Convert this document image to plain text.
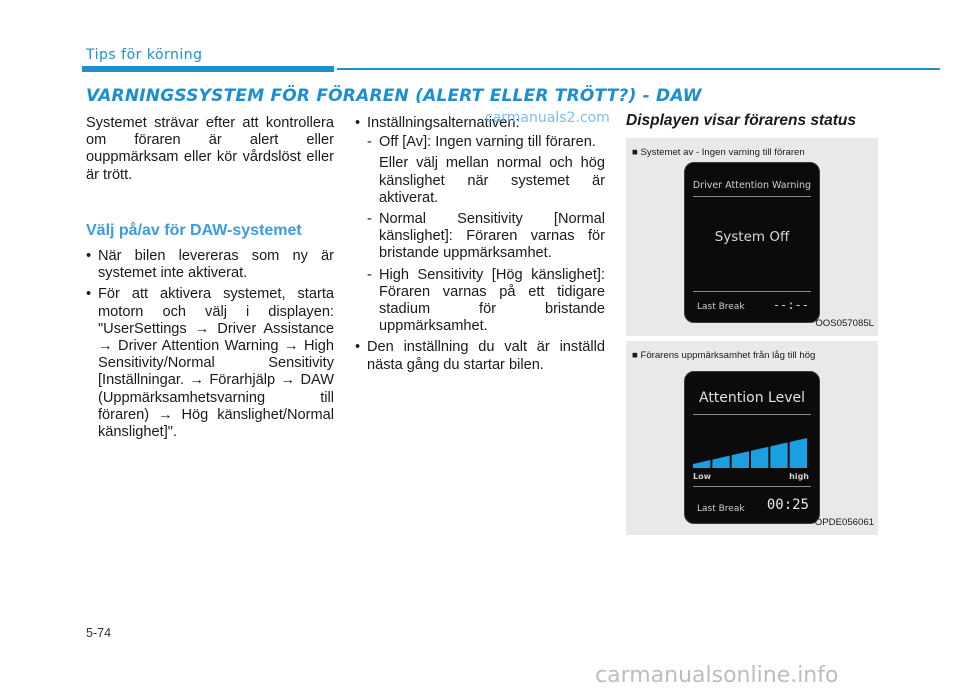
Tips för körning
VARNINGSSYSTEM FÖR FÖRAREN (ALERT ELLER TRÖTT?) - DAW

Systemet strävar efter att kontrollera om föraren är alert eller ouppmärksam eller kör vårdslöst eller är trött.

Välj på/av för DAW-systemet
• När bilen levereras som ny är systemet inte aktiverat.
• För att aktivera systemet, starta motorn och välj i displayen: "UserSettings → Driver Assistance → Driver Attention Warning → High Sensitivity/Normal Sensitivity [Inställningar. → Förarhjälp → DAW (Uppmärksamhetsvarning till föraren) → Hög känslighet/Normal känslighet]".
• Inställningsalternativen:
- Off [Av]: Ingen varning till föraren.
Eller välj mellan normal och hög känslighet när systemet är aktiverat.
- Normal Sensitivity [Normal känslighet]: Föraren varnas för bristande uppmärksamhet.
- High Sensitivity [Hög känslighet]: Föraren varnas på ett tidigare stadium för bristande uppmärksamhet.
• Den inställning du valt är inställd nästa gång du startar bilen.
Displayen visar förarens status
■ Systemet av - Ingen varning till föraren
Driver Attention Warning
System Off
Last Break --:--
OOS057085L
■ Förarens uppmärksamhet från låg till hög
Attention Level
Low	high
Last Break 00:25
OPDE056061
5-74
carmanuals2.com
carmanualsonline.info
